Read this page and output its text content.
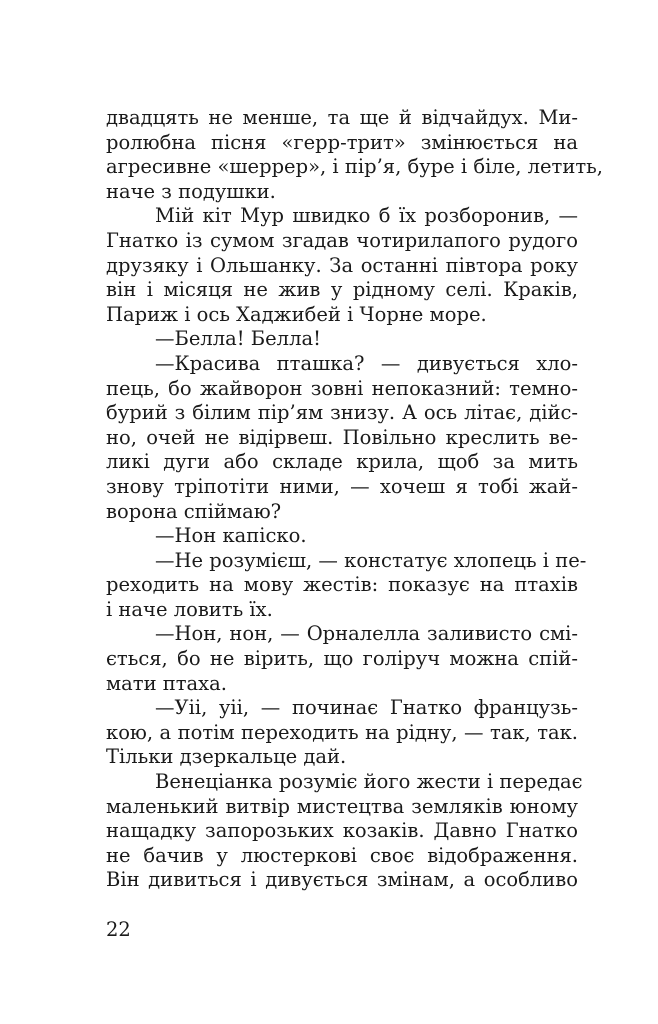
двадцять не менше, та ще й відчайдух. Ми-
ролюбна пісня «герр-трит» змінюється на
агресивне «шеррер», і пір’я, буре і біле, летить,
наче з подушки.
Мій кіт Мур швидко б їх розборонив, —
Гнатко із сумом згадав чотирилапого рудого
друзяку і Ольшанку. За останні півтора року
він і місяця не жив у рідному селі. Краків,
Париж і ось Хаджибей і Чорне море.
—Белла! Белла!
—Красива пташка? — дивується хло-
пець, бо жайворон зовні непоказний: темно-
бурий з білим пір’ям знизу. А ось літає, дійс-
но, очей не відірвеш. Повільно креслить ве-
ликі дуги або складе крила, щоб за мить
знову тріпотіти ними, — хочеш я тобі жай-
ворона спіймаю?
—Нон капіско.
—Не розумієш, — констатує хлопець і пе-
реходить на мову жестів: показує на птахів
і наче ловить їх.
—Нон, нон, — Орналелла заливисто смі-
ється, бо не вірить, що голіруч можна спій-
мати птаха.
—Уіі, уіі, — починає Гнатко французь-
кою, а потім переходить на рідну, — так, так.
Тільки дзеркальце дай.
Венеціанка розуміє його жести і передає
маленький витвір мистецтва земляків юному
нащадку запорозьких козаків. Давно Гнатко
не бачив у люстеркові своє відображення.
Він дивиться і дивується змінам, а особливо
22
